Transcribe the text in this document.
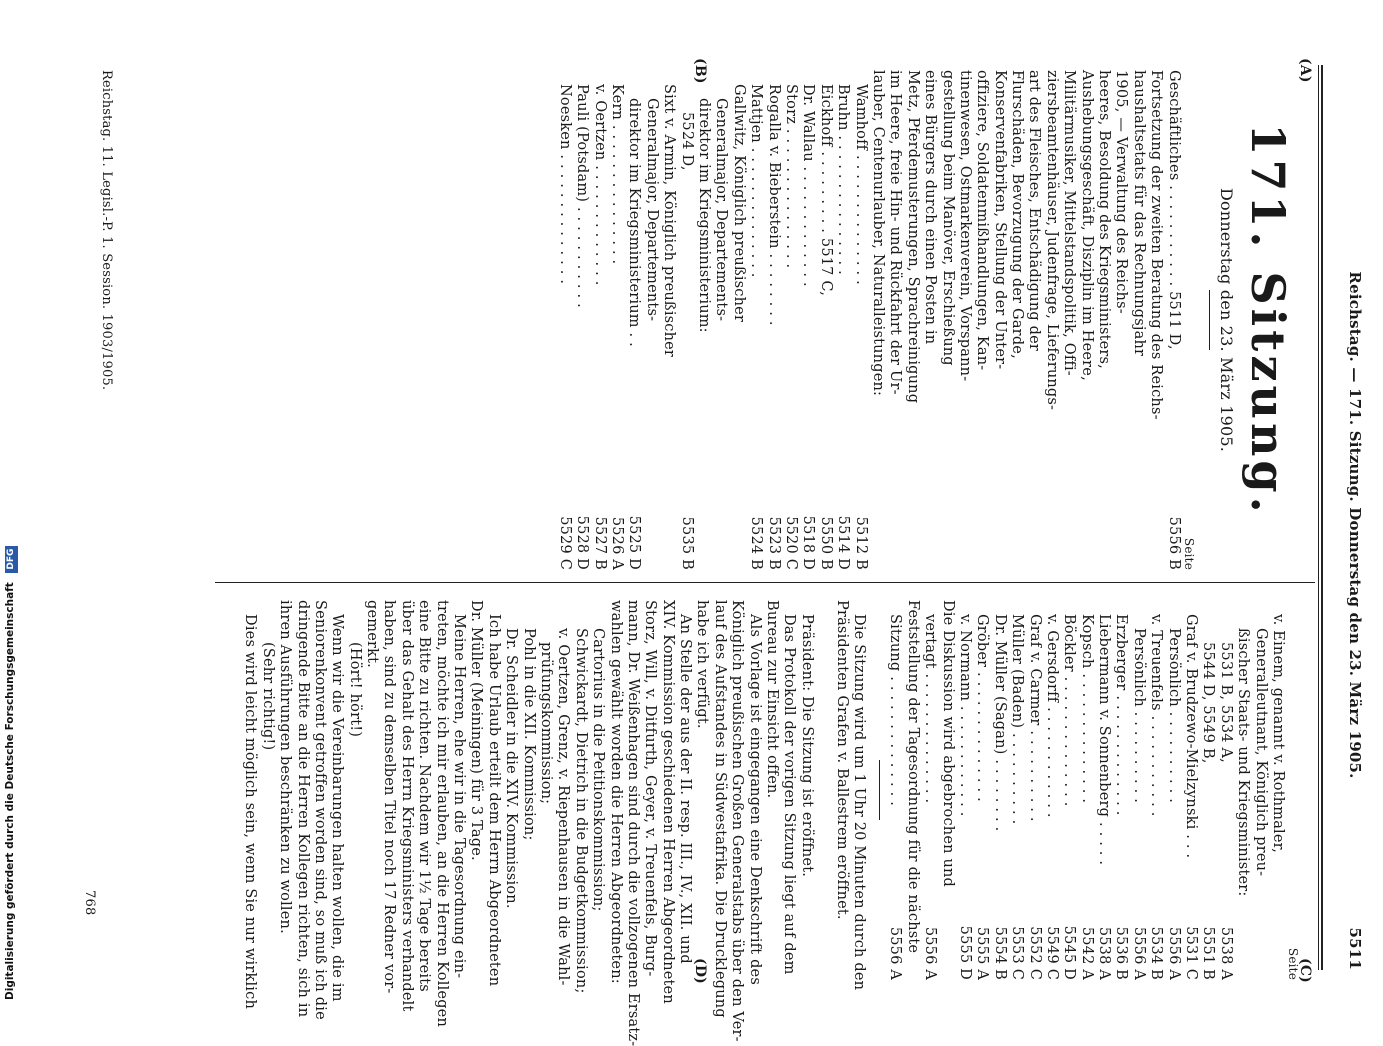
Reichstag. — 171. Sitzung. Donnerstag den 23. März 1905.
5511
(A)
(B)
(C)
(D)
171. Sitzung.
Donnerstag den 23. März 1905.
Seite
Geschäftliches . . . . . . . . . . . 5511 D,
5556 B
Fortsetzung der zweiten Beratung des Reichs-
haushaltsetats für das Rechnungsjahr
1905, — Verwaltung des Reichs-
heeres, Besoldung des Kriegsministers,
Aushebungsgeschäft, Disziplin im Heere,
Militärmusiker, Mittelstandspolitik, Offi-
ziersbeamtenhäuser, Judenfrage, Lieferungs-
art des Fleisches, Entschädigung der
Flurschäden, Bevorzugung der Garde,
Konservenfabriken, Stellung der Unter-
offiziere, Soldatenmißhandlungen, Kan-
tinenwesen, Ostmarkenverein, Vorspann-
gestellung beim Manöver, Erschießung
eines Bürgers durch einen Posten in
Metz, Pferdemusterungen, Sprachreinigung
im Heere, freie Hin- und Rückfahrt der Ur-
lauber, Centenurlauber, Naturalleistungen:
Wamhoff . . . . . . . . . . . . . .
5512 B
Bruhn . . . . . . . . . . . . . . .
5514 D
Eickhoff . . . . . . . . . 5517 C,
5550 B
Dr. Wallau . . . . . . . . . . . . .
5518 D
Storz . . . . . . . . . . . . . . .
5520 C
Rogalla v. Bieberstein . . . . . . . .
5523 B
Mattjen . . . . . . . . . . . . . .
5524 B
Gallwitz, Königlich preußischer
Generalmajor, Departements-
direktor im Kriegsministerium:
5524 D,
5535 B
Sixt v. Armin, Königlich preußischer
Generalmajor, Departements-
direktor im Kriegsministerium . .
5525 D
Kern . . . . . . . . . . . . . . .
5526 A
v. Oertzen . . . . . . . . . . . . .
5527 B
Pauli (Potsdam) . . . . . . . . . . .
5528 D
Noesken . . . . . . . . . . . . . .
5529 C
Seite
v. Einem, genannt v. Rothmaler,
Generalleutnant, Königlich preu-
ßischer Staats- und Kriegsminister:
5531 B, 5534 A,
5538 A
5544 D, 5549 B,
5551 B
Graf v. Brudzewo-Mielzynski . . .
5531 C
Persönlich . . . . . . . . . .
5556 A
v. Treuenfels . . . . . . . . . . .
5534 B
Persönlich . . . . . . . . . .
5556 A
Erzberger . . . . . . . . . . . . .
5536 B
Liebermann v. Sonnenberg . . . . .
5538 A
Kopsch . . . . . . . . . . . . . .
5542 A
Böckler . . . . . . . . . . . . . .
5545 D
v. Gersdorff . . . . . . . . . . . .
5549 C
Graf v. Carmer . . . . . . . . . .
5552 C
Müller (Baden) . . . . . . . . . .
5553 C
Dr. Müller (Sagan) . . . . . . . .
5554 B
Gröber . . . . . . . . . . . . . .
5555 A
v. Normann . . . . . . . . . . . .
5555 D
Die Diskussion wird abgebrochen und
vertagt . . . . . . . . . . . . . .
5556 A
Feststellung der Tagesordnung für die nächste
Sitzung . . . . . . . . . . . . . .
5556 A
Die Sitzung wird um 1 Uhr 20 Minuten durch den
Präsidenten Grafen v. Ballestrem eröffnet.
Präsident: Die Sitzung ist eröffnet.
Das Protokoll der vorigen Sitzung liegt auf dem
Bureau zur Einsicht offen.
Als Vorlage ist eingegangen eine Denkschrift des
Königlich preußischen Großen Generalstabs über den Ver-
lauf des Aufstandes in Südwestafrika. Die Drucklegung
habe ich verfügt.
An Stelle der aus der II. resp. III., IV., XII. und
XIV. Kommission geschiedenen Herren Abgeordneten
Storz, Will, v. Ditfurth, Geyer, v. Treuenfels, Burg-
mann, Dr. Weißenhagen sind durch die vollzogenen Ersatz-
wahlen gewählt worden die Herren Abgeordneten:
Cartorius in die Petitionskommission;
Schwickardt, Dietrich in die Budgetkommission;
v. Oertzen, Grenz, v. Riepenhausen in die Wahl-
prüfungskommission;
Pohl in die XII. Kommission;
Dr. Scheidler in die XIV. Kommission.
Ich habe Urlaub erteilt dem Herrn Abgeordneten
Dr. Müller (Meiningen) für 3 Tage.
Meine Herren, ehe wir in die Tagesordnung ein-
treten, möchte ich mir erlauben, an die Herren Kollegen
eine Bitte zu richten. Nachdem wir 1½ Tage bereits
über das Gehalt des Herrn Kriegsministers verhandelt
haben, sind zu demselben Titel noch 17 Redner vor-
gemerkt.
(Hört! hört!)
Wenn wir die Vereinbarungen halten wollen, die im
Seniorenkonvent getroffen worden sind, so muß ich die
dringende Bitte an die Herren Kollegen richten, sich in
ihren Ausführungen beschränken zu wollen.
(Sehr richtig!)
Dies wird leicht möglich sein, wenn Sie nur wirklich
Reichstag. 11. Legisl.-P. 1. Session. 1903/1905.
768
Digitalisierung gefördert durch die Deutsche Forschungsgemeinschaft DFG
